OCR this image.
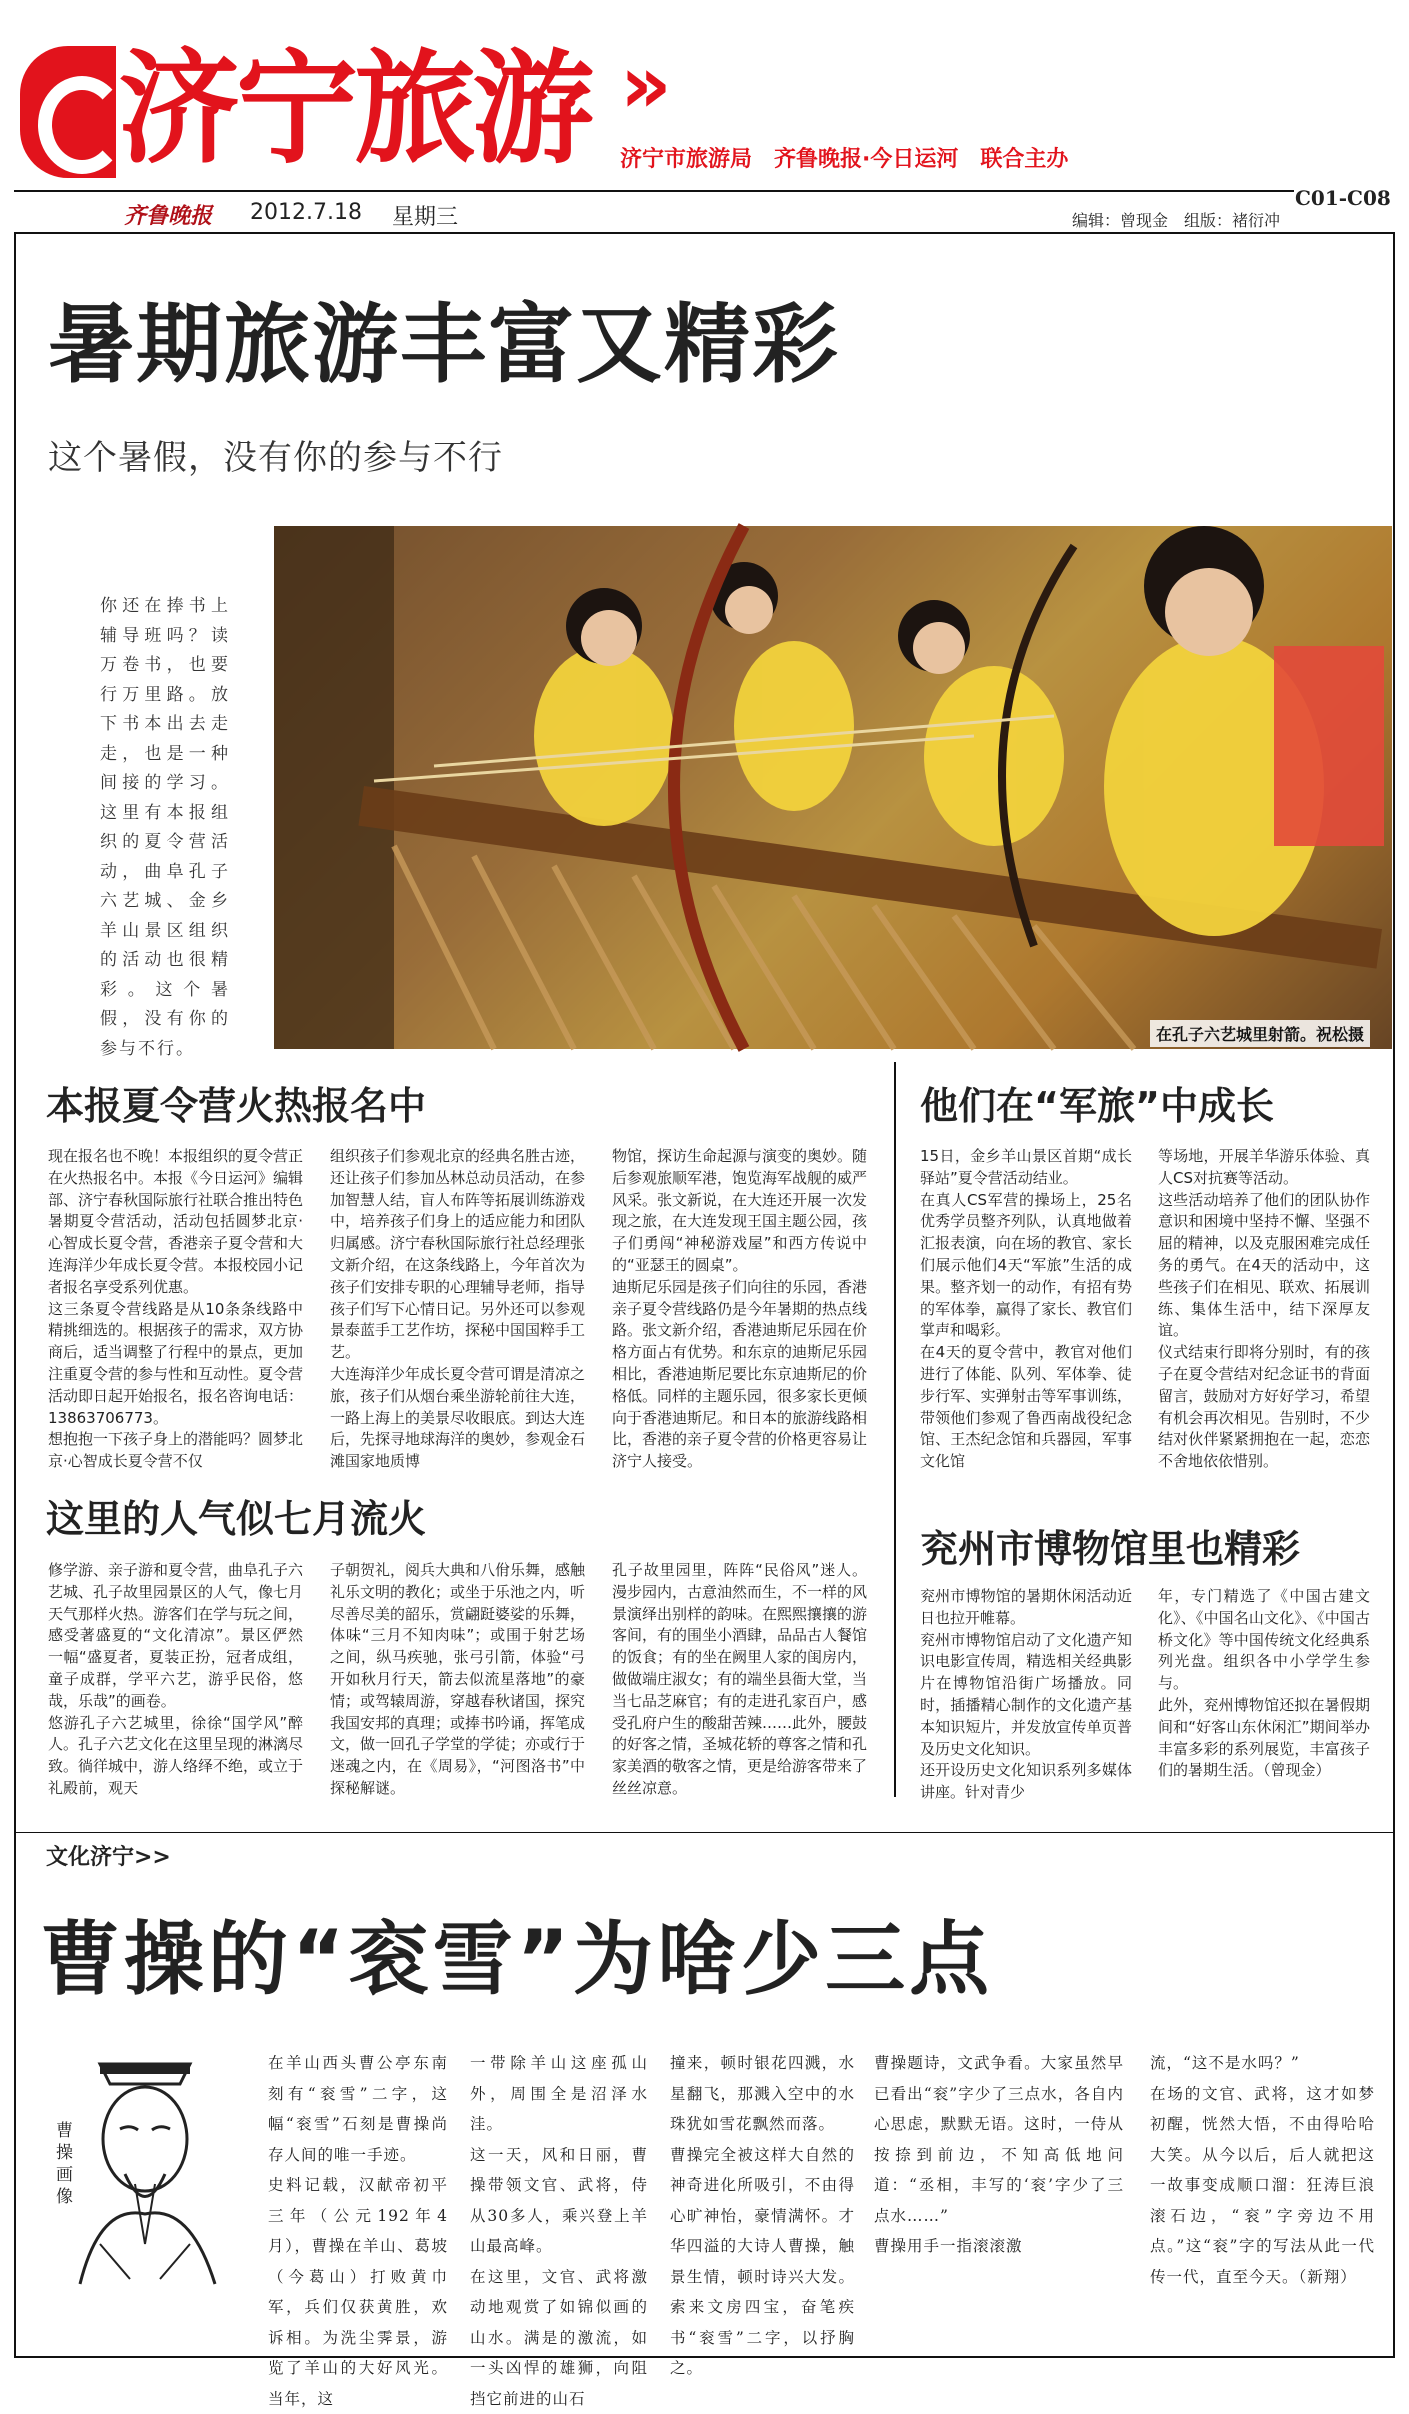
济宁旅游 »
济宁市旅游局　齐鲁晚报·今日运河　联合主办
齐鲁晚报 2012.7.18 星期三	编辑：曾现金　组版：褚衍冲
C01-C08
暑期旅游丰富又精彩
这个暑假，没有你的参与不行
你还在捧书上辅导班吗？读万卷书，也要行万里路。放下书本出去走走，也是一种间接的学习。这里有本报组织的夏令营活动，曲阜孔子六艺城、金乡羊山景区组织的活动也很精彩。这个暑假，没有你的参与不行。
在孔子六艺城里射箭。祝松摄
本报夏令营火热报名中
现在报名也不晚！本报组织的夏令营正在火热报名中。本报《今日运河》编辑部、济宁春秋国际旅行社联合推出特色暑期夏令营活动，活动包括圆梦北京·心智成长夏令营，香港亲子夏令营和大连海洋少年成长夏令营。本报校园小记者报名享受系列优惠。
这三条夏令营线路是从10条条线路中精挑细选的。根据孩子的需求，双方协商后，适当调整了行程中的景点，更加注重夏令营的参与性和互动性。夏令营活动即日起开始报名，报名咨询电话：13863706773。
想抱抱一下孩子身上的潜能吗？圆梦北京·心智成长夏令营不仅
组织孩子们参观北京的经典名胜古迹，还让孩子们参加丛林总动员活动，在参加智慧人结，盲人布阵等拓展训练游戏中，培养孩子们身上的适应能力和团队归属感。济宁春秋国际旅行社总经理张文新介绍，在这条线路上，今年首次为孩子们安排专职的心理辅导老师，指导孩子们写下心情日记。另外还可以参观景泰蓝手工艺作坊，探秘中国国粹手工艺。
大连海洋少年成长夏令营可谓是清凉之旅，孩子们从烟台乘坐游轮前往大连，一路上海上的美景尽收眼底。到达大连后，先探寻地球海洋的奥妙，参观金石滩国家地质博
物馆，探访生命起源与演变的奥妙。随后参观旅顺军港，饱览海军战舰的威严风采。张文新说，在大连还开展一次发现之旅，在大连发现王国主题公园，孩子们勇闯“神秘游戏屋”和西方传说中的“亚瑟王的圆桌”。
迪斯尼乐园是孩子们向往的乐园，香港亲子夏令营线路仍是今年暑期的热点线路。张文新介绍，香港迪斯尼乐园在价格方面占有优势。和东京的迪斯尼乐园相比，香港迪斯尼要比东京迪斯尼的价格低。同样的主题乐园，很多家长更倾向于香港迪斯尼。和日本的旅游线路相比，香港的亲子夏令营的价格更容易让济宁人接受。
这里的人气似七月流火
修学游、亲子游和夏令营，曲阜孔子六艺城、孔子故里园景区的人气，像七月天气那样火热。游客们在学与玩之间，感受著盛夏的“文化清凉”。景区俨然一幅“盛夏者，夏装正扮，冠者成组，童子成群，学平六艺，游乎民俗，悠哉，乐哉”的画卷。
悠游孔子六艺城里，徐徐“国学风”醉人。孔子六艺文化在这里呈现的淋漓尽致。徜徉城中，游人络绎不绝，或立于礼殿前，观天
子朝贺礼，阅兵大典和八佾乐舞，感触礼乐文明的教化；或坐于乐池之内，听尽善尽美的韶乐，赏翩跹婆娑的乐舞，体味“三月不知肉味”；或围于射艺场之间，纵马疾驰，张弓引箭，体验“弓开如秋月行天，箭去似流星落地”的豪情；或驾辕周游，穿越春秋诸国，探究我国安邦的真理；或捧书吟诵，挥笔成文，做一回孔子学堂的学徒；亦或行于迷魂之内，在《周易》，“河图洛书”中探秘解谜。
孔子故里园里，阵阵“民俗风”迷人。漫步园内，古意油然而生，不一样的风景演绎出别样的韵味。在熙熙攘攘的游客间，有的围坐小酒肆，品品古人餐馆的饭食；有的坐在阙里人家的闺房内，做做端庄淑女；有的端坐县衙大堂，当当七品芝麻官；有的走进孔家百户，感受孔府户生的酸甜苦辣……此外，腰鼓的好客之情，圣城花轿的尊客之情和孔家美酒的敬客之情，更是给游客带来了丝丝凉意。
他们在“军旅”中成长
15日，金乡羊山景区首期“成长驿站”夏令营活动结业。
在真人CS军营的操场上，25名优秀学员整齐列队，认真地做着汇报表演，向在场的教官、家长们展示他们4天“军旅”生活的成果。整齐划一的动作，有招有势的军体拳，赢得了家长、教官们掌声和喝彩。
在4天的夏令营中，教官对他们进行了体能、队列、军体拳、徒步行军、实弹射击等军事训练，带领他们参观了鲁西南战役纪念馆、王杰纪念馆和兵器园，军事文化馆
等场地，开展羊华游乐体验、真人CS对抗赛等活动。
这些活动培养了他们的团队协作意识和困境中坚持不懈、坚强不屈的精神，以及克服困难完成任务的勇气。在4天的活动中，这些孩子们在相见、联欢、拓展训练、集体生活中，结下深厚友谊。
仪式结束行即将分别时，有的孩子在夏令营结对纪念证书的背面留言，鼓励对方好好学习，希望有机会再次相见。告别时，不少结对伙伴紧紧拥抱在一起，恋恋不舍地依依惜别。
兖州市博物馆里也精彩
兖州市博物馆的暑期休闲活动近日也拉开帷幕。
兖州市博物馆启动了文化遗产知识电影宣传周，精选相关经典影片在博物馆沿街广场播放。同时，插播精心制作的文化遗产基本知识短片，并发放宣传单页普及历史文化知识。
还开设历史文化知识系列多媒体讲座。针对青少
年，专门精选了《中国古建文化》、《中国名山文化》、《中国古桥文化》等中国传统文化经典系列光盘。组织各中小学学生参与。
此外，兖州博物馆还拟在暑假期间和“好客山东休闲汇”期间举办丰富多彩的系列展览，丰富孩子们的暑期生活。（曾现金）
文化济宁>>
曹操的“衮雪”为啥少三点
曹操画像
在羊山西头曹公亭东南刻有“衮雪”二字，这幅“衮雪”石刻是曹操尚存人间的唯一手迹。
史料记载，汉献帝初平三年（公元192年4月），曹操在羊山、葛坡（今葛山）打败黄巾军，兵们仅获黄胜，欢诉相。为洗尘霁景，游览了羊山的大好风光。当年，这
一带除羊山这座孤山外，周围全是沼泽水洼。
这一天，风和日丽，曹操带领文官、武将，侍从30多人，乘兴登上羊山最高峰。
在这里，文官、武将激动地观赏了如锦似画的山水。满是的激流，如一头凶悍的雄狮，向阻挡它前进的山石
撞来，顿时银花四溅，水星翻飞，那溅入空中的水珠犹如雪花飘然而落。
曹操完全被这样大自然的神奇进化所吸引，不由得心旷神怡，豪情满怀。才华四溢的大诗人曹操，触景生情，顿时诗兴大发。索来文房四宝，奋笔疾书“衮雪”二字，以抒胸之。
曹操题诗，文武争看。大家虽然早已看出“衮”字少了三点水，各自内心思虑，默默无语。这时，一侍从按捺到前边，不知高低地问道：“丞相，丰写的‘衮’字少了三点水……”
曹操用手一指滚滚激
流，“这不是水吗？”
在场的文官、武将，这才如梦初醒，恍然大悟，不由得哈哈大笑。从今以后，后人就把这一故事变成顺口溜：狂涛巨浪滚石边，“衮”字旁边不用点。”这“衮”字的写法从此一代传一代，直至今天。（新翔）
